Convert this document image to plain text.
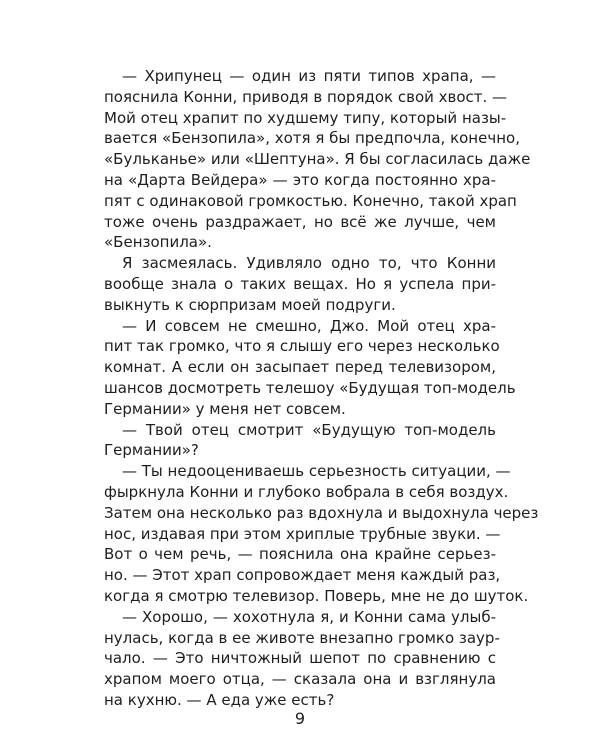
— Хрипунец — один из пяти типов храпа, —

пояснила Конни, приводя в порядок свой хвост. —

Мой отец храпит по худшему типу, который назы-

вается «Бензопила», хотя я бы предпочла, конечно,

«Бульканье» или «Шептуна». Я бы согласилась даже

на «Дарта Вейдера» — это когда постоянно хра-

пят с одинаковой громкостью. Конечно, такой храп

тоже очень раздражает, но всё же лучше, чем

«Бензопила».

Я засмеялась. Удивляло одно то, что Конни

вообще знала о таких вещах. Но я успела при-

выкнуть к сюрпризам моей подруги.

— И совсем не смешно, Джо. Мой отец хра-

пит так громко, что я слышу его через несколько

комнат. А если он засыпает перед телевизором,

шансов досмотреть телешоу «Будущая топ-модель

Германии» у меня нет совсем.

— Твой отец смотрит «Будущую топ-модель

Германии»?

— Ты недооцениваешь серьезность ситуации, —

фыркнула Конни и глубоко вобрала в себя воздух.

Затем она несколько раз вдохнула и выдохнула через

нос, издавая при этом хриплые трубные звуки. —

Вот о чем речь, — пояснила она крайне серьез-

но. — Этот храп сопровождает меня каждый раз,

когда я смотрю телевизор. Поверь, мне не до шуток.

— Хорошо, — хохотнула я, и Конни сама улыб-

нулась, когда в ее животе внезапно громко заур-

чало. — Это ничтожный шепот по сравнению с

храпом моего отца, — сказала она и взглянула

на кухню. — А еда уже есть?

9
